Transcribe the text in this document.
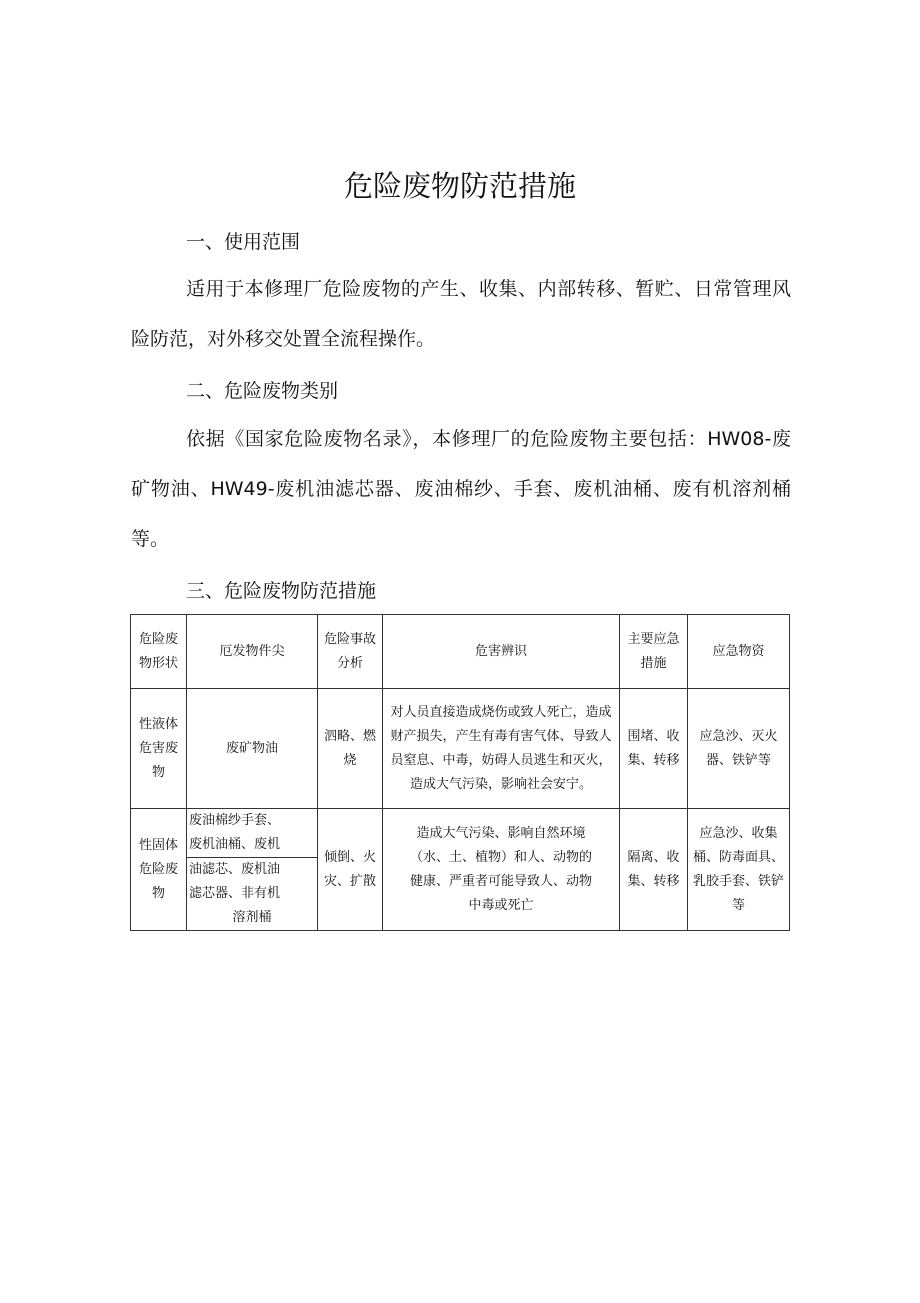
危险废物防范措施

一、使用范围

适用于本修理厂危险废物的产生、收集、内部转移、暂贮、日常管理风险防范，对外移交处置全流程操作。

二、危险废物类别

依据《国家危险废物名录》，本修理厂的危险废物主要包括：HW08-废矿物油、HW49-废机油滤芯器、废油棉纱、手套、废机油桶、废有机溶剂桶等。

三、危险废物防范措施

危险废物形状	厄发物件尖	危险事故分析	危害辨识	主要应急措施	应急物资
性液体危害废物	废矿物油	泗略、燃烧	对人员直接造成烧伤或致人死亡，造成财产损失，产生有毒有害气体、导致人员窒息、中毒，妨碍人员逃生和灭火，造成大气污染，影响社会安宁。	围堵、收集、转移	应急沙、灭火器、铁铲等
性固体危险废物	废油棉纱手套、
废机油桶、废机
油滤芯、废机油
滤芯器、非有机
溶剂桶	倾倒、火灾、扩散	造成大气污染、影响自然环境
（水、土、植物）和人、动物的
健康、严重者可能导致人、动物
中毒或死亡	隔离、收集、转移	应急沙、收集桶、防毒面具、乳胶手套、铁铲等
